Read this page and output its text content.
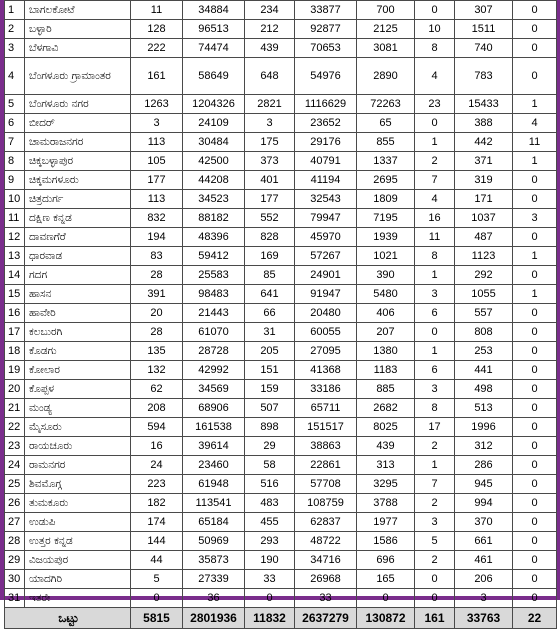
1	ಬಾಗಲಕೋಟೆ	11	34884	234	33877	700	0	307	0
2	ಬಳ್ಳಾರಿ	128	96513	212	92877	2125	10	1511	0
3	ಬೆಳಗಾವಿ	222	74474	439	70653	3081	8	740	0
4	ಬೆಂಗಳೂರು ಗ್ರಾಮಾಂತರ	161	58649	648	54976	2890	4	783	0
5	ಬೆಂಗಳೂರು ನಗರ	1263	1204326	2821	1116629	72263	23	15433	1
6	ಬೀದರ್	3	24109	3	23652	65	0	388	4
7	ಚಾಮರಾಜನಗರ	113	30484	175	29176	855	1	442	11
8	ಚಿಕ್ಕಬಳ್ಳಾಪುರ	105	42500	373	40791	1337	2	371	1
9	ಚಿಕ್ಕಮಗಳೂರು	177	44208	401	41194	2695	7	319	0
10	ಚಿತ್ರದುರ್ಗ	113	34523	177	32543	1809	4	171	0
11	ದಕ್ಷಿಣ ಕನ್ನಡ	832	88182	552	79947	7195	16	1037	3
12	ದಾವಣಗೆರೆ	194	48396	828	45970	1939	11	487	0
13	ಧಾರವಾಡ	83	59412	169	57267	1021	8	1123	1
14	ಗದಗ	28	25583	85	24901	390	1	292	0
15	ಹಾಸನ	391	98483	641	91947	5480	3	1055	1
16	ಹಾವೇರಿ	20	21443	66	20480	406	6	557	0
17	ಕಲಬುರಗಿ	28	61070	31	60055	207	0	808	0
18	ಕೊಡಗು	135	28728	205	27095	1380	1	253	0
19	ಕೋಲಾರ	132	42992	151	41368	1183	6	441	0
20	ಕೊಪ್ಪಳ	62	34569	159	33186	885	3	498	0
21	ಮಂಡ್ಯ	208	68906	507	65711	2682	8	513	0
22	ಮೈಸೂರು	594	161538	898	151517	8025	17	1996	0
23	ರಾಯಚೂರು	16	39614	29	38863	439	2	312	0
24	ರಾಮನಗರ	24	23460	58	22861	313	1	286	0
25	ಶಿವಮೊಗ್ಗ	223	61948	516	57708	3295	7	945	0
26	ತುಮಕೂರು	182	113541	483	108759	3788	2	994	0
27	ಉಡುಪಿ	174	65184	455	62837	1977	3	370	0
28	ಉತ್ತರ ಕನ್ನಡ	144	50969	293	48722	1586	5	661	0
29	ವಿಜಯಪುರ	44	35873	190	34716	696	2	461	0
30	ಯಾದಗಿರಿ	5	27339	33	26968	165	0	206	0
31	ಇತರೇ	0	36	0	33	0	0	3	0
ಒಟ್ಟು		5815	2801936	11832	2637279	130872	161	33763	22
